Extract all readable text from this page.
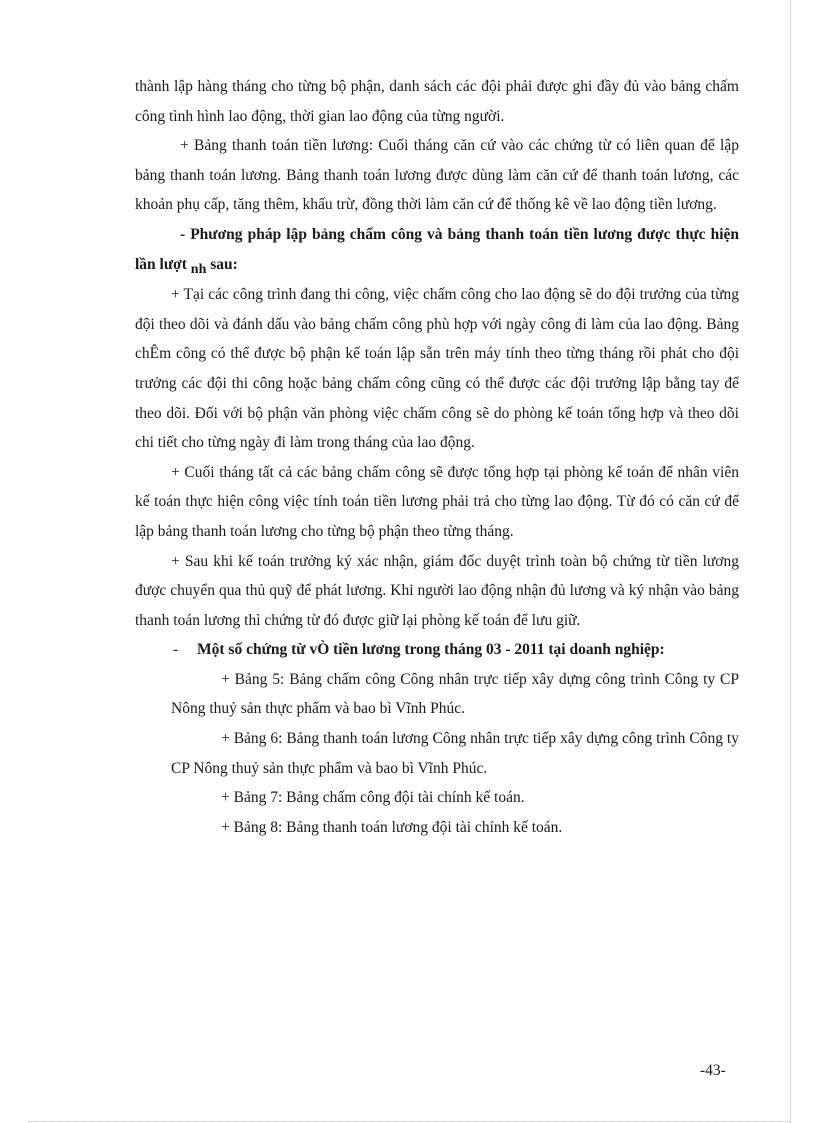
thành lập hàng tháng cho từng bộ phận, danh sách các đội phải được ghi đầy đủ vào bảng chấm công tình hình lao động, thời gian lao động của từng người.

+ Bảng thanh toán tiền lương: Cuối tháng căn cứ vào các chứng từ có liên quan để lập bảng thanh toán lương. Bảng thanh toán lương được dùng làm căn cứ để thanh toán lương, các khoản phụ cấp, tăng thêm, khấu trừ, đồng thời làm căn cứ để thống kê về lao động tiền lương.

- Phương pháp lập bảng chấm công và bảng thanh toán tiền lương được thực hiện lần lượt nh sau:

+ Tại các công trình đang thi công, việc chấm công cho lao động sẽ do đội trưởng của từng đội theo dõi và đánh dấu vào bảng chấm công phù hợp với ngày công đi làm của lao động. Bảng chÊm công có thể được bộ phận kế toán lập sẵn trên máy tính theo từng tháng rồi phát cho đội trưởng các đội thi công hoặc bảng chấm công cũng có thể được các đội trưởng lập bằng tay để theo dõi. Đối với bộ phận văn phòng việc chấm công sẽ do phòng kế toán tổng hợp và theo dõi chi tiết cho từng ngày đi làm trong tháng của lao động.

+ Cuối tháng tất cả các bảng chấm công sẽ được tổng hợp tại phòng kế toán để nhân viên kế toán thực hiện công việc tính toán tiền lương phải trả cho từng lao động. Từ đó có căn cứ để lập bảng thanh toán lương cho từng bộ phận theo từng tháng.

+ Sau khi kế toán trưởng ký xác nhận, giám đốc duyệt trình toàn bộ chứng từ tiền lương được chuyển qua thủ quỹ để phát lương. Khi người lao động nhận đủ lương và ký nhận vào bảng thanh toán lương thì chứng từ đó được giữ lại phòng kế toán để lưu giữ.

- Một số chứng từ vÒ tiền lương trong tháng 03 - 2011 tại doanh nghiệp:

+ Bảng 5: Bảng chấm công Công nhân trực tiếp xây dựng công trình Công ty CP Nông thuỷ sản thực phẩm và bao bì Vĩnh Phúc.

+ Bảng 6: Bảng thanh toán lương Công nhân trực tiếp xây dựng công trình Công ty CP Nông thuỷ sản thực phẩm và bao bì Vĩnh Phúc.

+ Bảng 7: Bảng chấm công đội tài chính kế toán.

+ Bảng 8: Bảng thanh toán lương đội tài chính kế toán.

-43-
